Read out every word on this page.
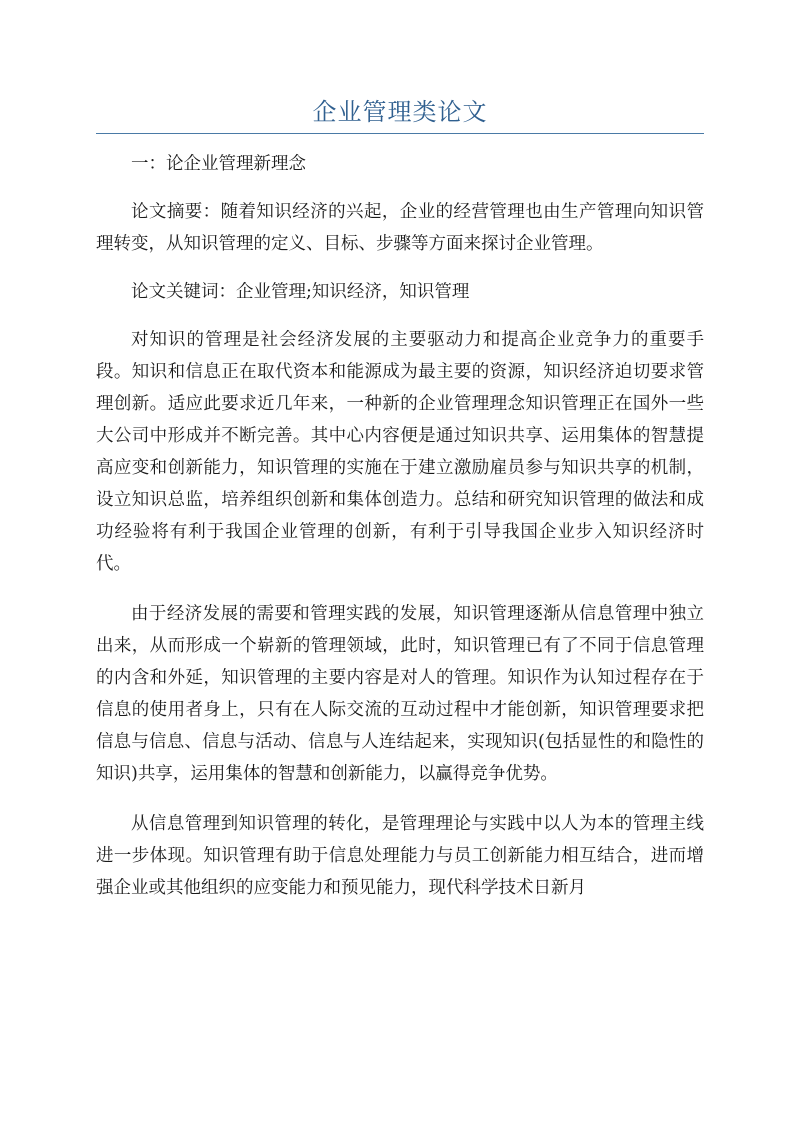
企业管理类论文

一：论企业管理新理念

论文摘要：随着知识经济的兴起，企业的经营管理也由生产管理向知识管理转变，从知识管理的定义、目标、步骤等方面来探讨企业管理。

论文关键词：企业管理;知识经济，知识管理

对知识的管理是社会经济发展的主要驱动力和提高企业竞争力的重要手段。知识和信息正在取代资本和能源成为最主要的资源，知识经济迫切要求管理创新。适应此要求近几年来，一种新的企业管理理念知识管理正在国外一些大公司中形成并不断完善。其中心内容便是通过知识共享、运用集体的智慧提高应变和创新能力，知识管理的实施在于建立激励雇员参与知识共享的机制，设立知识总监，培养组织创新和集体创造力。总结和研究知识管理的做法和成功经验将有利于我国企业管理的创新，有利于引导我国企业步入知识经济时代。

由于经济发展的需要和管理实践的发展，知识管理逐渐从信息管理中独立出来，从而形成一个崭新的管理领域，此时，知识管理已有了不同于信息管理的内含和外延，知识管理的主要内容是对人的管理。知识作为认知过程存在于信息的使用者身上，只有在人际交流的互动过程中才能创新，知识管理要求把信息与信息、信息与活动、信息与人连结起来，实现知识(包括显性的和隐性的知识)共享，运用集体的智慧和创新能力，以赢得竞争优势。

从信息管理到知识管理的转化，是管理理论与实践中以人为本的管理主线进一步体现。知识管理有助于信息处理能力与员工创新能力相互结合，进而增强企业或其他组织的应变能力和预见能力，现代科学技术日新月
